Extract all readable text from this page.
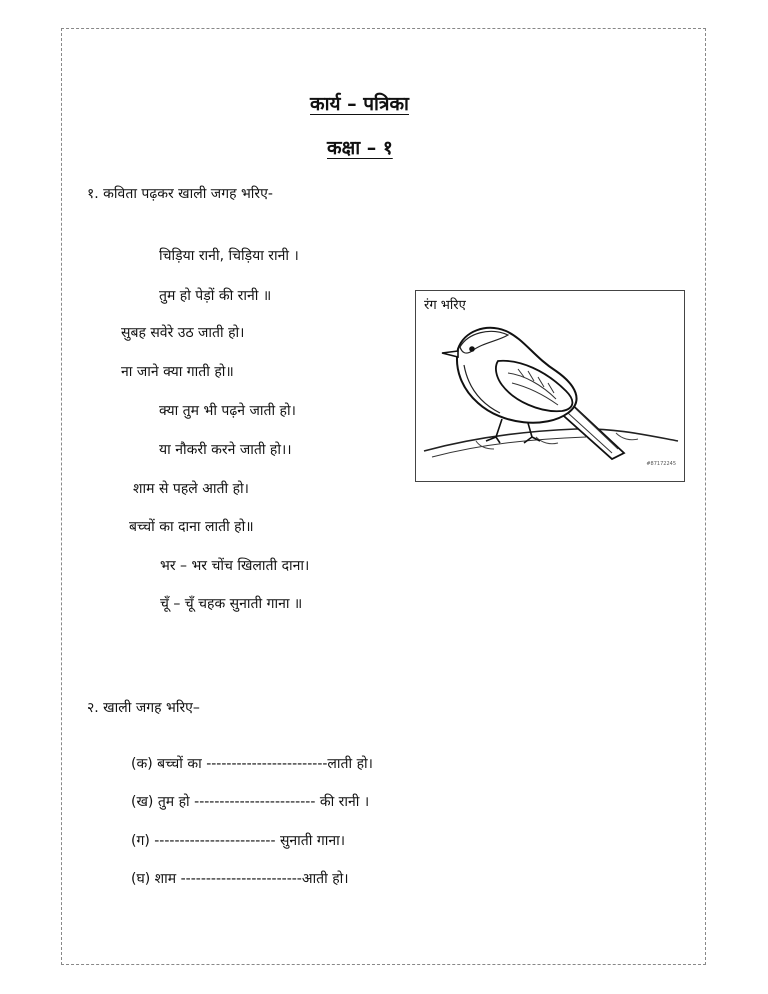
कार्य – पत्रिका
कक्षा – १
१. कविता पढ़कर खाली जगह भरिए-
चिड़िया रानी, चिड़िया रानी ।
तुम हो पेड़ों की रानी ॥
सुबह सवेरे उठ जाती हो।
ना जाने क्या गाती हो॥
क्या तुम भी पढ़ने जाती हो।
या नौकरी करने जाती हो।।
शाम से पहले आती हो।
बच्चों का दाना लाती हो॥
भर – भर चोंच खिलाती दाना।
चूँ – चूँ चहक सुनाती गाना ॥
रंग भरिए
#87172245
२. खाली जगह भरिए–
(क) बच्चों का ------------------------लाती हो।
(ख) तुम हो ------------------------ की रानी ।
(ग) ------------------------ सुनाती गाना।
(घ) शाम ------------------------आती हो।
